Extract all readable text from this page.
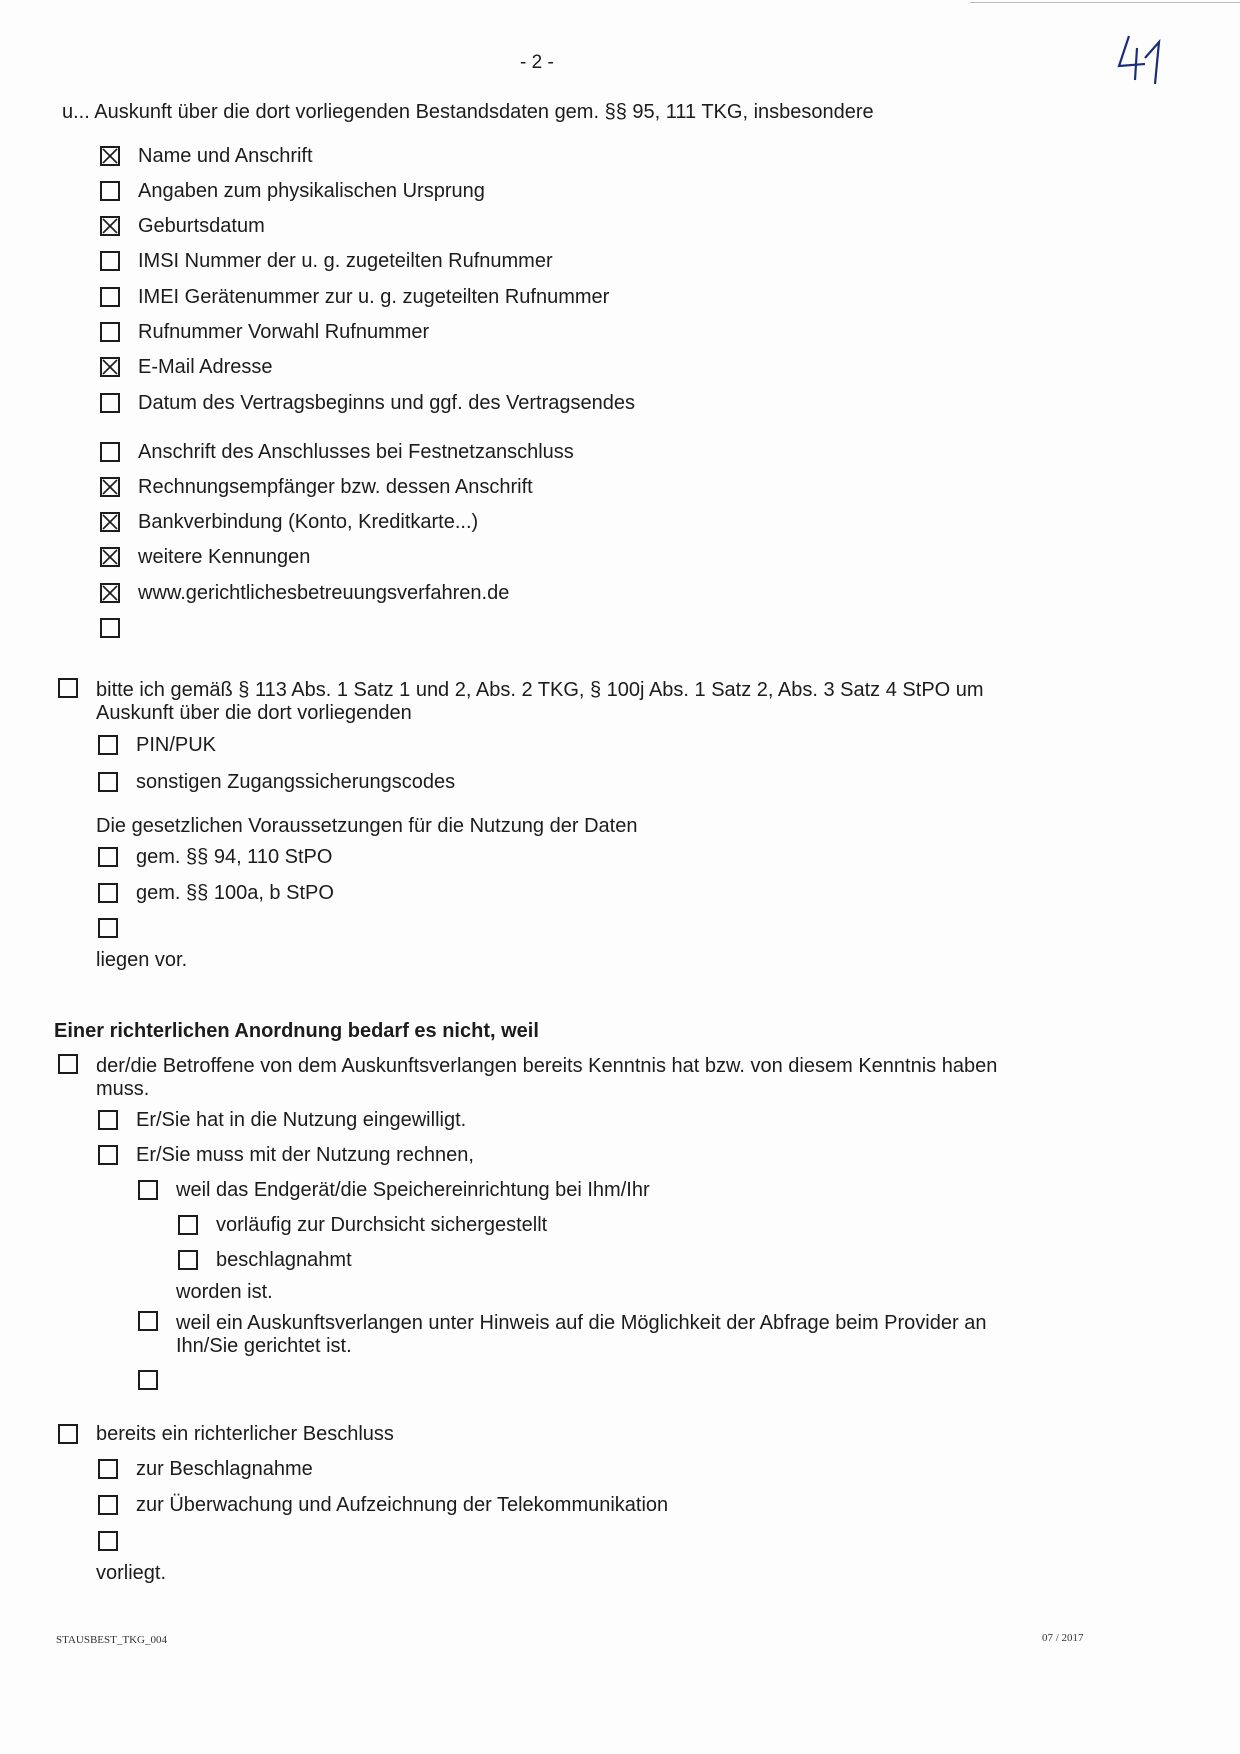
- 2 -
u... Auskunft über die dort vorliegenden Bestandsdaten gem. §§ 95, 111 TKG, insbesondere
Name und Anschrift
Angaben zum physikalischen Ursprung
Geburtsdatum
IMSI Nummer der u. g. zugeteilten Rufnummer
IMEI Gerätenummer zur u. g. zugeteilten Rufnummer
Rufnummer Vorwahl Rufnummer
E-Mail Adresse
Datum des Vertragsbeginns und ggf. des Vertragsendes
Anschrift des Anschlusses bei Festnetzanschluss
Rechnungsempfänger bzw. dessen Anschrift
Bankverbindung (Konto, Kreditkarte...)
weitere Kennungen
www.gerichtlichesbetreuungsverfahren.de
bitte ich gemäß § 113 Abs. 1 Satz 1 und 2, Abs. 2 TKG, § 100j Abs. 1 Satz 2, Abs. 3 Satz 4 StPO um
Auskunft über die dort vorliegenden
PIN/PUK
sonstigen Zugangssicherungscodes
Die gesetzlichen Voraussetzungen für die Nutzung der Daten
gem. §§ 94, 110 StPO
gem. §§ 100a, b StPO
liegen vor.
Einer richterlichen Anordnung bedarf es nicht, weil
der/die Betroffene von dem Auskunftsverlangen bereits Kenntnis hat bzw. von diesem Kenntnis haben
muss.
Er/Sie hat in die Nutzung eingewilligt.
Er/Sie muss mit der Nutzung rechnen,
weil das Endgerät/die Speichereinrichtung bei Ihm/Ihr
vorläufig zur Durchsicht sichergestellt
beschlagnahmt
worden ist.
weil ein Auskunftsverlangen unter Hinweis auf die Möglichkeit der Abfrage beim Provider an
Ihn/Sie gerichtet ist.
bereits ein richterlicher Beschluss
zur Beschlagnahme
zur Überwachung und Aufzeichnung der Telekommunikation
vorliegt.
STAUSBEST_TKG_004	07 / 2017
